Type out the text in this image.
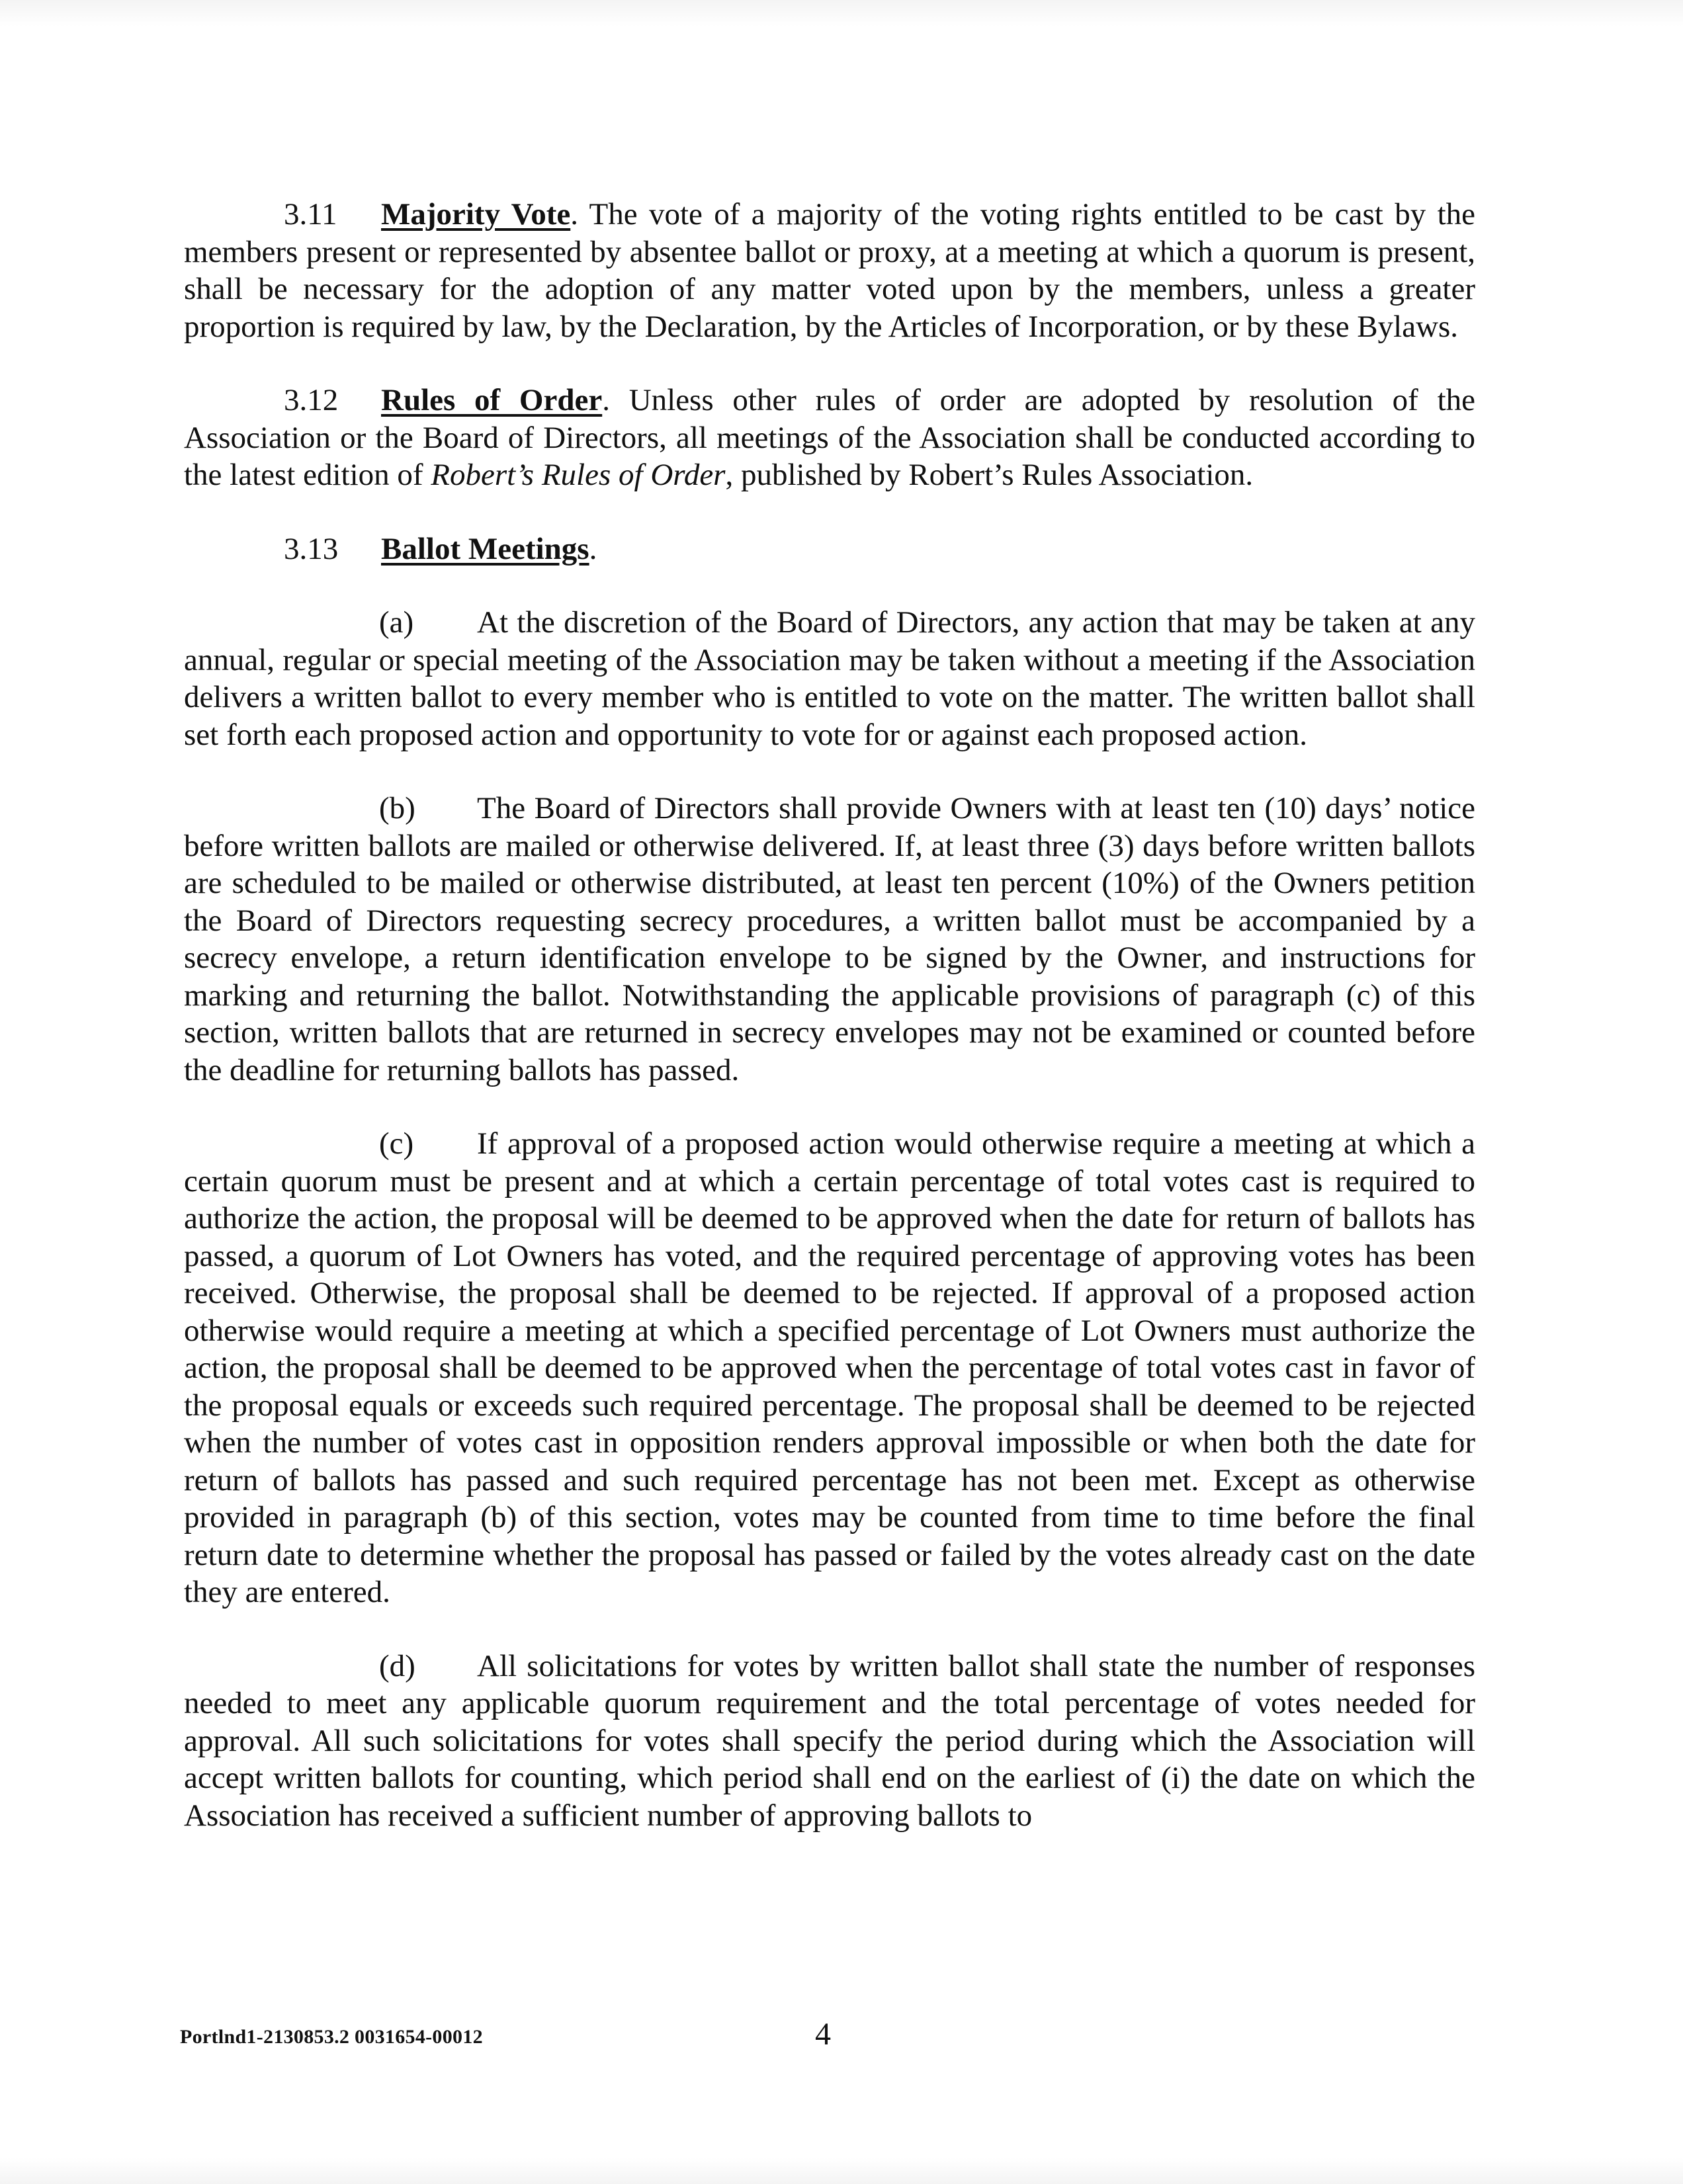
3.11 Majority Vote. The vote of a majority of the voting rights entitled to be cast by the members present or represented by absentee ballot or proxy, at a meeting at which a quorum is present, shall be necessary for the adoption of any matter voted upon by the members, unless a greater proportion is required by law, by the Declaration, by the Articles of Incorporation, or by these Bylaws.

3.12 Rules of Order. Unless other rules of order are adopted by resolution of the Association or the Board of Directors, all meetings of the Association shall be conducted according to the latest edition of Robert’s Rules of Order, published by Robert’s Rules Association.

3.13 Ballot Meetings.

(a) At the discretion of the Board of Directors, any action that may be taken at any annual, regular or special meeting of the Association may be taken without a meeting if the Association delivers a written ballot to every member who is entitled to vote on the matter. The written ballot shall set forth each proposed action and opportunity to vote for or against each proposed action.

(b) The Board of Directors shall provide Owners with at least ten (10) days’ notice before written ballots are mailed or otherwise delivered. If, at least three (3) days before written ballots are scheduled to be mailed or otherwise distributed, at least ten percent (10%) of the Owners petition the Board of Directors requesting secrecy procedures, a written ballot must be accompanied by a secrecy envelope, a return identification envelope to be signed by the Owner, and instructions for marking and returning the ballot. Notwithstanding the applicable provisions of paragraph (c) of this section, written ballots that are returned in secrecy envelopes may not be examined or counted before the deadline for returning ballots has passed.

(c) If approval of a proposed action would otherwise require a meeting at which a certain quorum must be present and at which a certain percentage of total votes cast is required to authorize the action, the proposal will be deemed to be approved when the date for return of ballots has passed, a quorum of Lot Owners has voted, and the required percentage of approving votes has been received. Otherwise, the proposal shall be deemed to be rejected. If approval of a proposed action otherwise would require a meeting at which a specified percentage of Lot Owners must authorize the action, the proposal shall be deemed to be approved when the percentage of total votes cast in favor of the proposal equals or exceeds such required percentage. The proposal shall be deemed to be rejected when the number of votes cast in opposition renders approval impossible or when both the date for return of ballots has passed and such required percentage has not been met. Except as otherwise provided in paragraph (b) of this section, votes may be counted from time to time before the final return date to determine whether the proposal has passed or failed by the votes already cast on the date they are entered.

(d) All solicitations for votes by written ballot shall state the number of responses needed to meet any applicable quorum requirement and the total percentage of votes needed for approval. All such solicitations for votes shall specify the period during which the Association will accept written ballots for counting, which period shall end on the earliest of (i) the date on which the Association has received a sufficient number of approving ballots to

Portlnd1-2130853.2 0031654-00012	4
